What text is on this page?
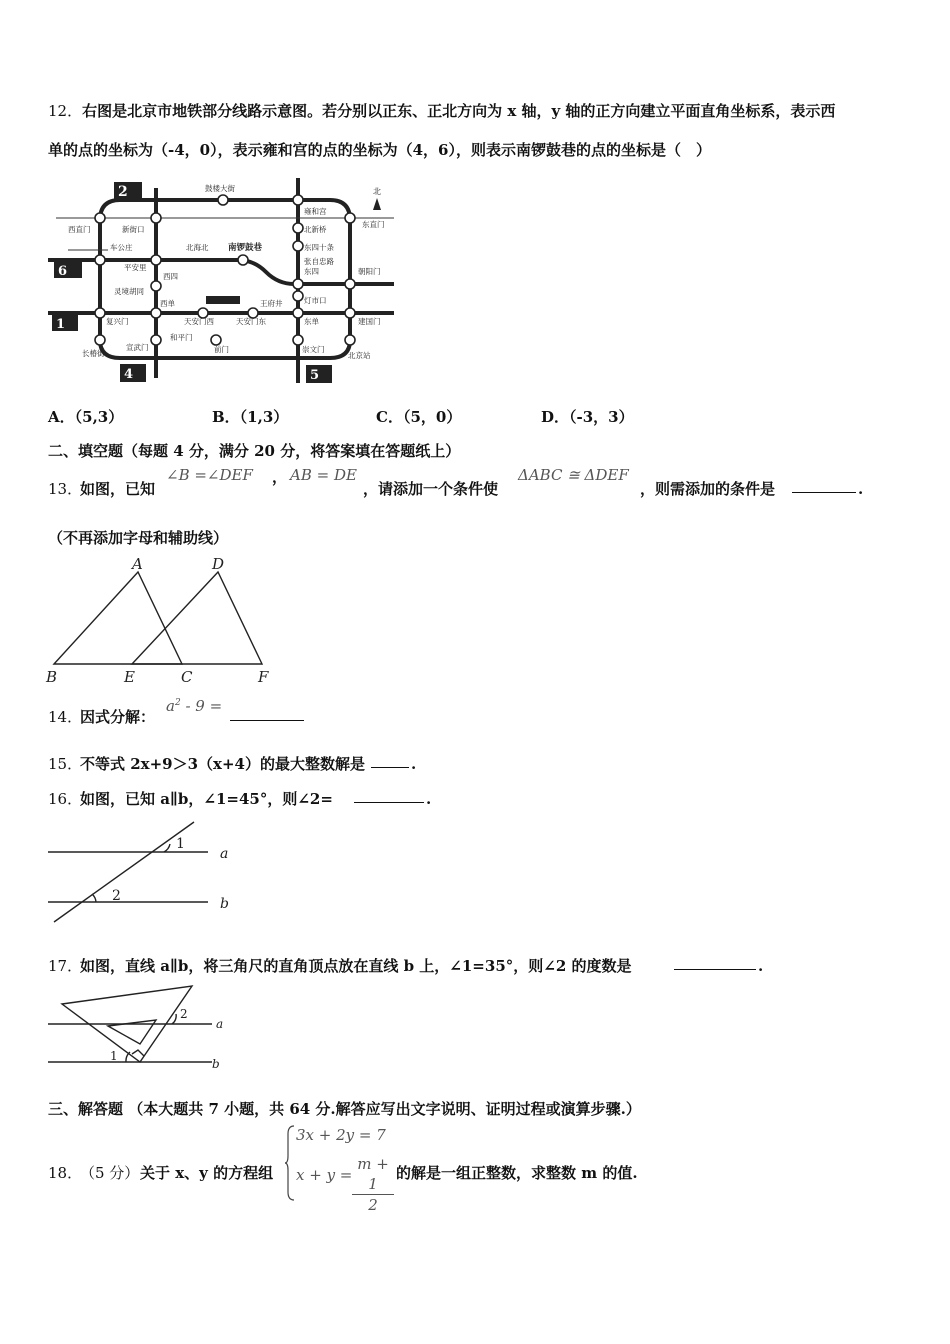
12．右图是北京市地铁部分线路示意图。若分别以正东、正北方向为 x 轴，y 轴的正方向建立平面直角坐标系，表示西
单的点的坐标为（-4，0），表示雍和宫的点的坐标为（4，6），则表示南锣鼓巷的点的坐标是（　）
2
6
1
4	5
北
鼓楼大街
雍和宫
东直门
西直门	新街口	北新桥
东四十条
车公庄	北海北 南锣鼓巷
平安里
西四
张自忠路
东四	朝阳门
灵境胡同
西单	王府井	灯市口
复兴门	天安门西	天安门东	东单	建国门
长椿街
宣武门
和平门
前门	崇文门
北京站
A．（5,3）	B．（1,3）	C．（5，0）	D．（-3，3）
二、填空题（每题 4 分，满分 20 分，将答案填在答题纸上）
13．
如图，已知
∠B =∠DEF ， AB = DE
，请添加一个条件使
ΔABC ≅ ΔDEF
，则需添加的条件是	.
（不再添加字母和辅助线）
A
B	C
D
E	F
14．
因式分解：
$a^2 - 9$ =
15．
不等式 2x+9＞3（x+4）的最大整数解是	.
16．
如图，已知 a∥b，∠1=45°，则∠2=	.
1
2
a
b
17．
如图，直线 a∥b，将三角尺的直角顶点放在直线 b 上，∠1=35°，则∠2 的度数是	.
2
1
a
b
三、解答题 （本大题共 7 小题，共 64 分.解答应写出文字说明、证明过程或演算步骤.）
18．
（5 分） 关于 x、y 的方程组
3x + 2y = 7
$x + y = \frac{m + 1}{2}$ 的解是一组正整数，求整数 m 的值.
